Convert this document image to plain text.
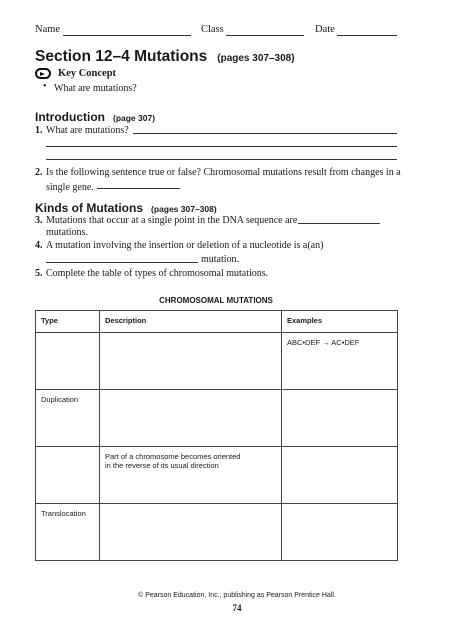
Name	Class	Date
Section 12–4 Mutations (pages 307–308)
Key Concept
• What are mutations?
Introduction (page 307)
1. What are mutations?
2. Is the following sentence true or false? Chromosomal mutations result from changes in a
single gene.
Kinds of Mutations (pages 307–308)
3. Mutations that occur at a single point in the DNA sequence are
mutations.
4. A mutation involving the insertion or deletion of a nucleotide is a(an)
mutation.
5. Complete the table of types of chromosomal mutations.
CHROMOSOMAL MUTATIONS
Type	Description	Examples
		ABC•DEF → AC•DEF
Duplication		

	Part of a chromosome becomes oriented
in the reverse of its usual direction	

Translocation		
© Pearson Education, Inc., publishing as Pearson Prentice Hall.
74
